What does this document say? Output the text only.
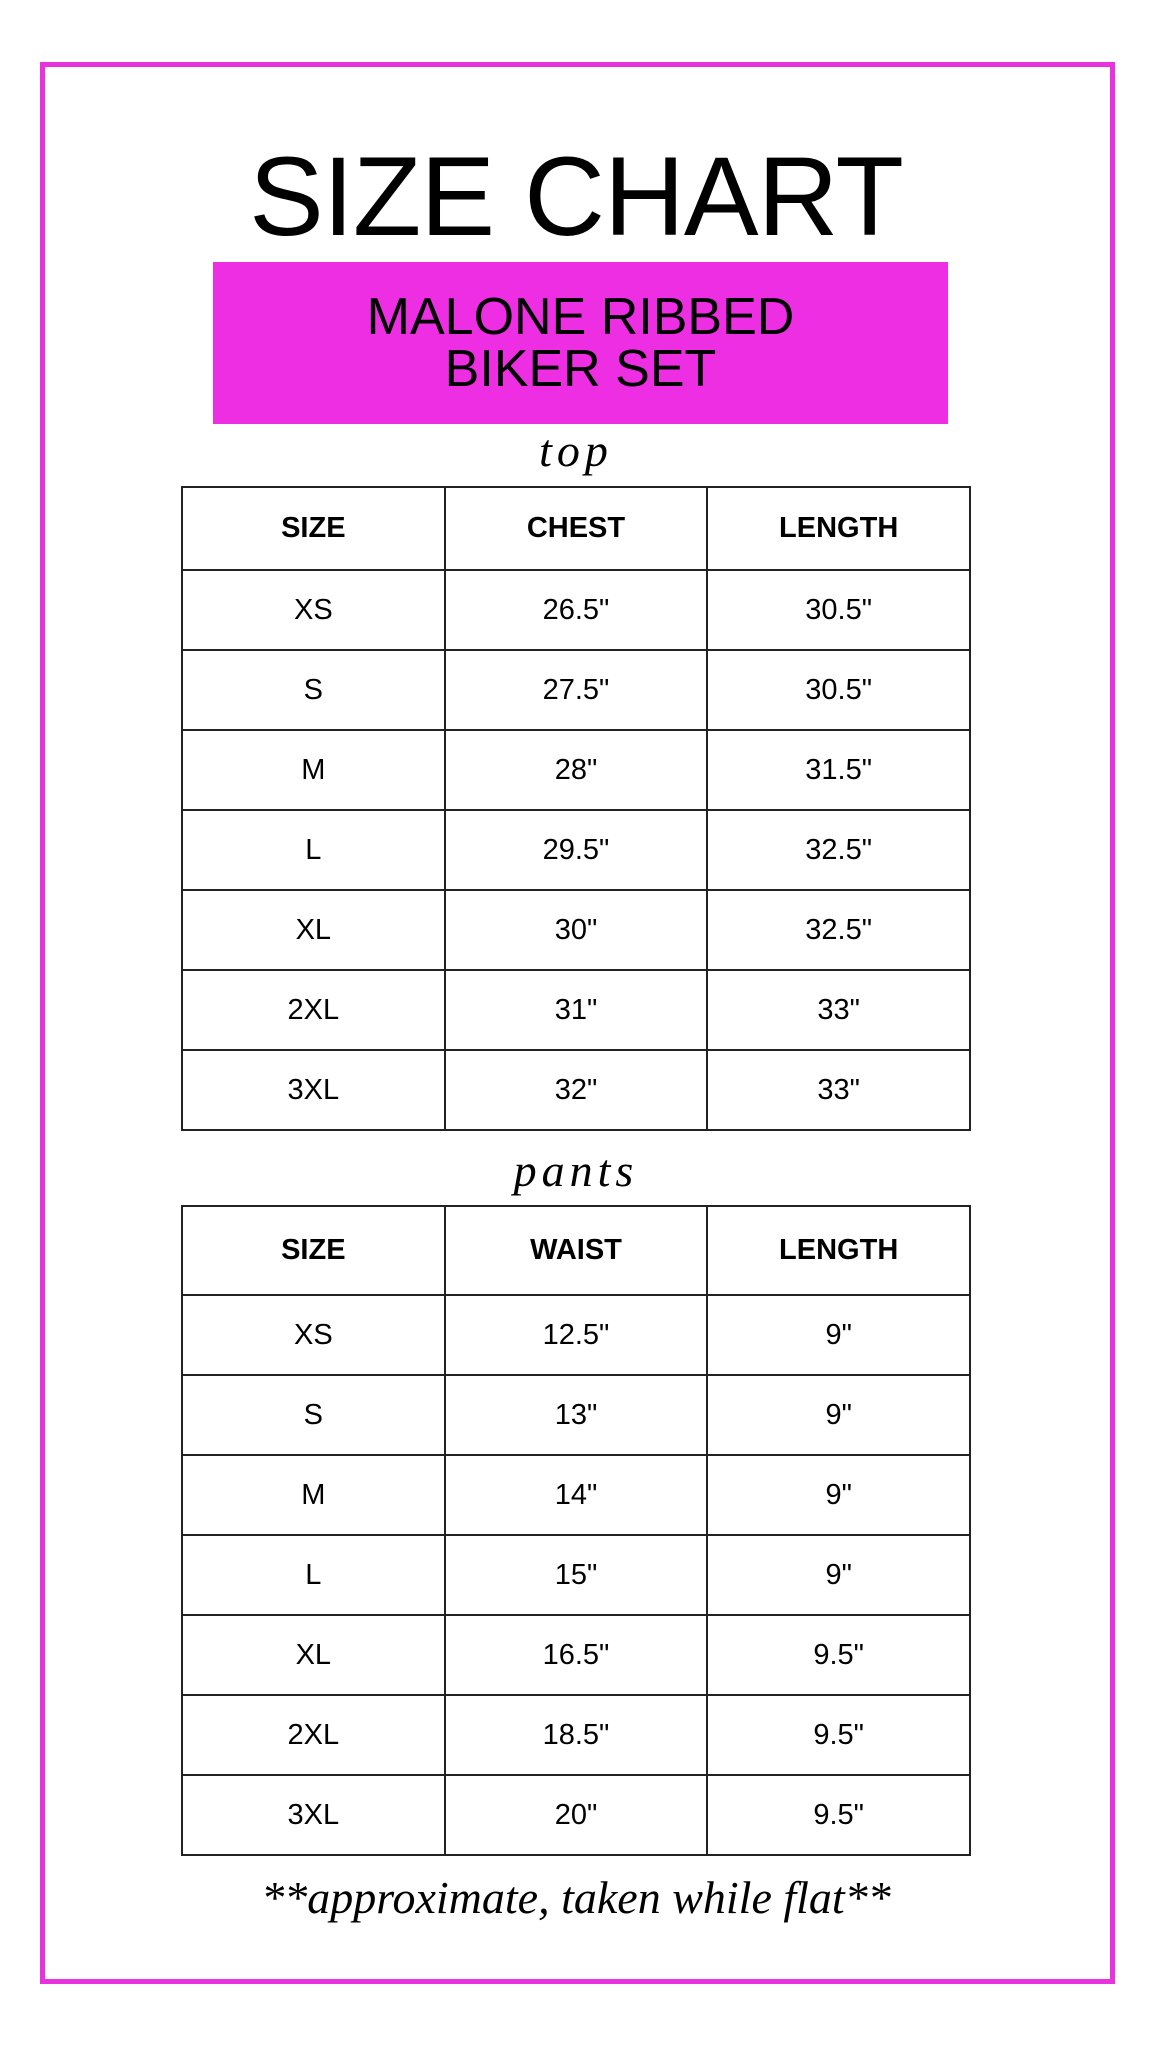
SIZE CHART
MALONE RIBBED
BIKER SET
top
SIZE	CHEST	LENGTH
XS	26.5"	30.5"
S	27.5"	30.5"
M	28"	31.5"
L	29.5"	32.5"
XL	30"	32.5"
2XL	31"	33"
3XL	32"	33"
pants
SIZE	WAIST	LENGTH
XS	12.5"	9"
S	13"	9"
M	14"	9"
L	15"	9"
XL	16.5"	9.5"
2XL	18.5"	9.5"
3XL	20"	9.5"
**approximate, taken while flat**
